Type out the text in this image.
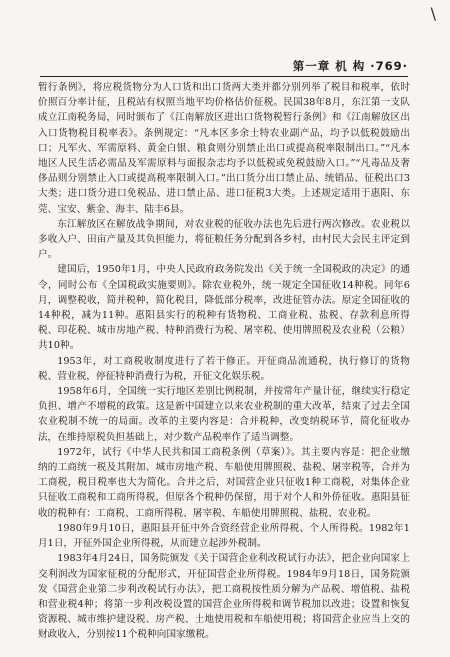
\
第一章 机 构 ·769·

暂行条例》，将应税货物分为人口货和出口货两大类并都分别列举了税目和税率，依时价照百分率计征，且税站有权照当地平均价格估价征税。民国38年8月，东江第一支队成立江南税务局，同时颁布了《江南解放区进出口货物税暂行条例》和《江南解放区出入口货物税目税率表》。条例规定：“凡本区多余土特农业副产品，均予以低税鼓励出口；凡军火、军需原料、黄金白银、粮食则分别禁止出口或提高税率限制出口。”“凡本地区人民生活必需品及军需原料与面报杂志均予以低税或免税鼓励入口。”“凡毒品及奢侈品则分别禁止入口或提高税率限制入口。”出口货分出口禁止品、统销品、征税出口3大类；进口货分进口免税品、进口禁止品、进口征税3大类。上述规定适用于惠阳、东莞、宝安、紫金、海丰、陆丰6县。

东江解放区在解放战争期间，对农业税的征收办法也先后进行两次修改。农业税以多收入户、田亩产量及其负担能力，将征粮任务分配到各乡村，由村民大会民主评定到户。

建国后，1950年1月，中央人民政府政务院发出《关于统一全国税政的决定》的通令，同时公布《全国税政实施要则》。除农业税外，统一规定全国征收14种税。同年6月，调整税收，简并税种，简化税目，降低部分税率，改进征管办法。原定全国征收的14种税，减为11种。惠阳县实行的税种有货物税、工商业税、盐税、存款利息所得税、印花税、城市房地产税、特种消费行为税、屠宰税、使用牌照税及农业税（公粮）共10种。

1953年，对工商税收制度进行了若干修正。开征商品流通税，执行修订的货物税、营业税，停征特种消费行为税，开征文化娱乐税。

1958年6月，全国统一实行地区差别比例税制，并按常年产量计征，继续实行稳定负担、增产不增税的政策。这是新中国建立以来农业税制的重大改革，结束了过去全国农业税制不统一的局面。改革的主要内容是：合并税种，改变纳税环节，简化征收办法，在维持原税负担基础上，对少数产品税率作了适当调整。

1972年，试行《中华人民共和国工商税条例（草案）》。其主要内容是：把企业缴纳的工商统一税及其附加、城市房地产税、车船使用牌照税、盐税、屠宰税等，合并为工商税，税目税率也大为简化。合并之后，对国营企业只征收1种工商税，对集体企业只征收工商税和工商所得税，但原各个税种仍保留，用于对个人和外侨征收。惠阳县征收的税种有：工商税、工商所得税、屠宰税、车船使用牌照税、盐税、农业税。

1980年9月10日，惠阳县开征中外合资经营企业所得税、个人所得税。1982年1月1日，开征外国企业所得税，从而建立起涉外税制。

1983年4月24日，国务院颁发《关于国营企业利改税试行办法》，把企业向国家上交利润改为国家征税的分配形式，开征国营企业所得税。1984年9月18日，国务院颁发《国营企业第二步利改税试行办法》，把工商税按性质分解为产品税、增值税、盐税和营业税4种；将第一步利改税设置的国营企业所得税和调节税加以改进；设置和恢复资源税、城市维护建设税、房产税、土地使用税和车船使用税；将国营企业应当上交的财政收入，分别按11个税种向国家缴税。
